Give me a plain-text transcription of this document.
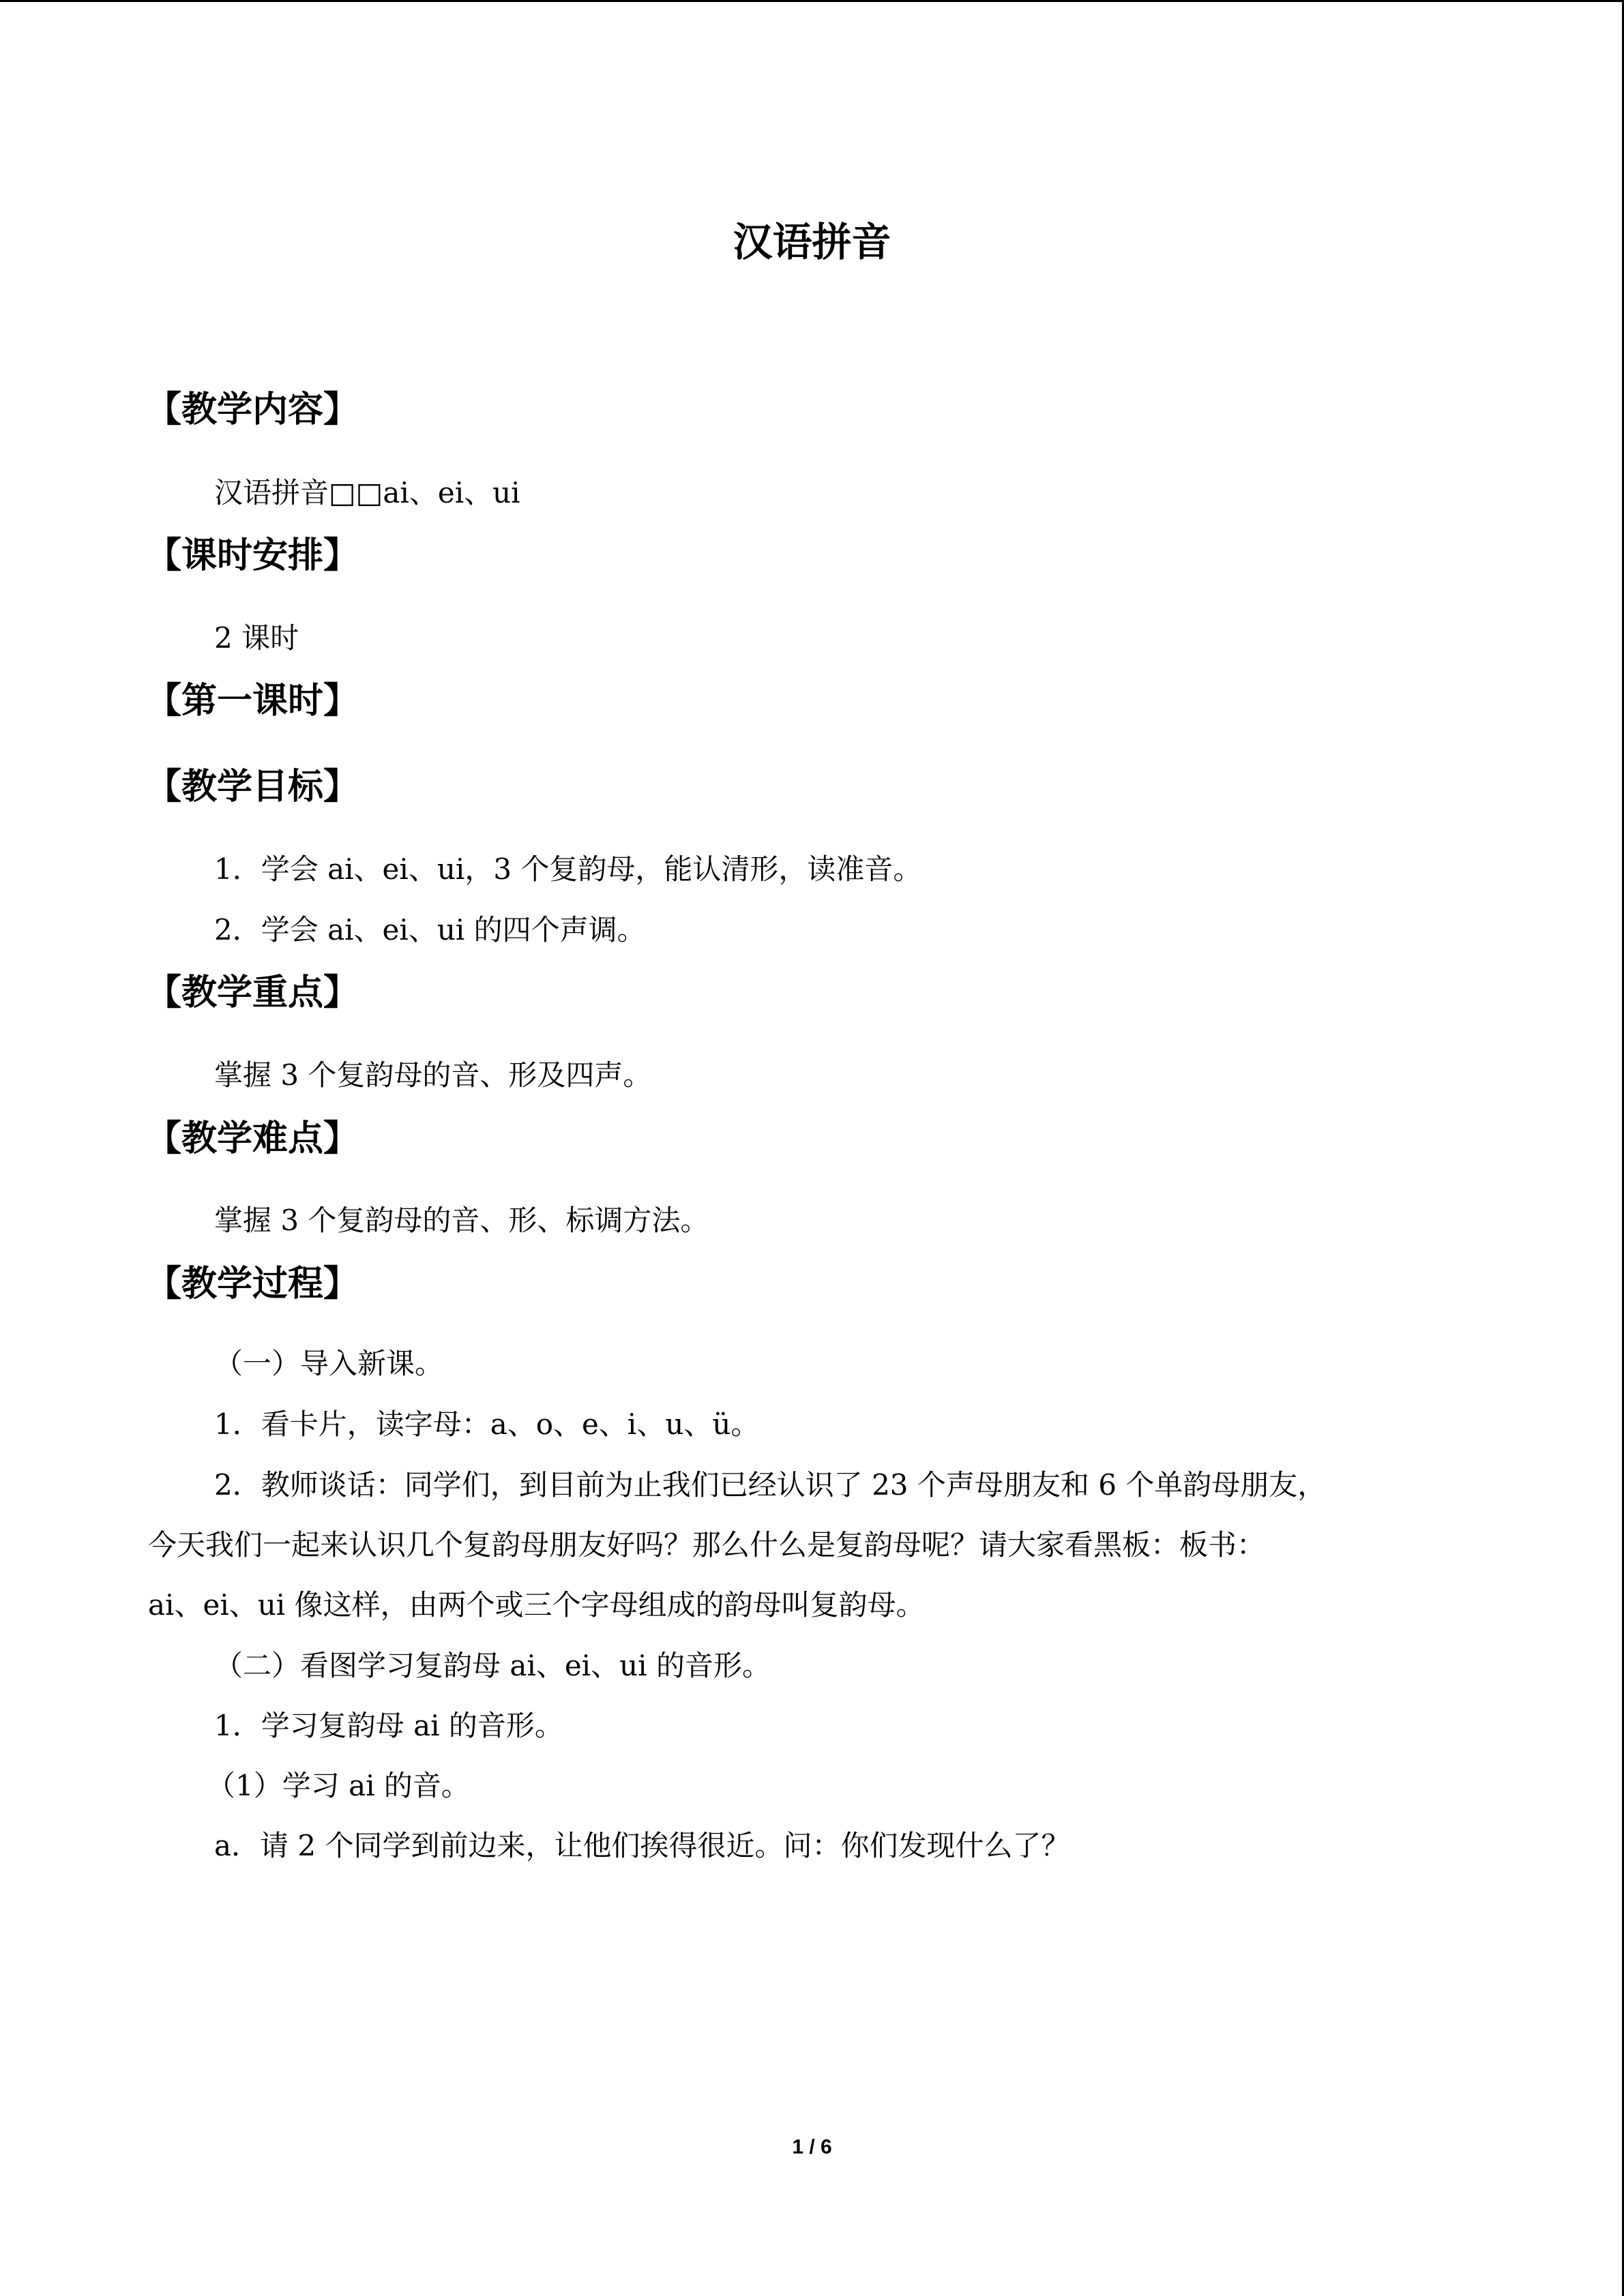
汉语拼音
【教学内容】

汉语拼音□□ai、ei、ui

【课时安排】

2 课时

【第一课时】
【教学目标】

1．学会 ai、ei、ui，3 个复韵母，能认清形，读准音。

2．学会 ai、ei、ui 的四个声调。

【教学重点】

掌握 3 个复韵母的音、形及四声。

【教学难点】

掌握 3 个复韵母的音、形、标调方法。

【教学过程】

（一）导入新课。

1．看卡片，读字母：a、o、e、i、u、ü。

2．教师谈话：同学们，到目前为止我们已经认识了 23 个声母朋友和 6 个单韵母朋友，

今天我们一起来认识几个复韵母朋友好吗？那么什么是复韵母呢？请大家看黑板：板书：

ai、ei、ui 像这样，由两个或三个字母组成的韵母叫复韵母。

（二）看图学习复韵母 ai、ei、ui 的音形。

1．学习复韵母 ai 的音形。

（1）学习 ai 的音。

a．请 2 个同学到前边来，让他们挨得很近。问：你们发现什么了？

1 / 6
